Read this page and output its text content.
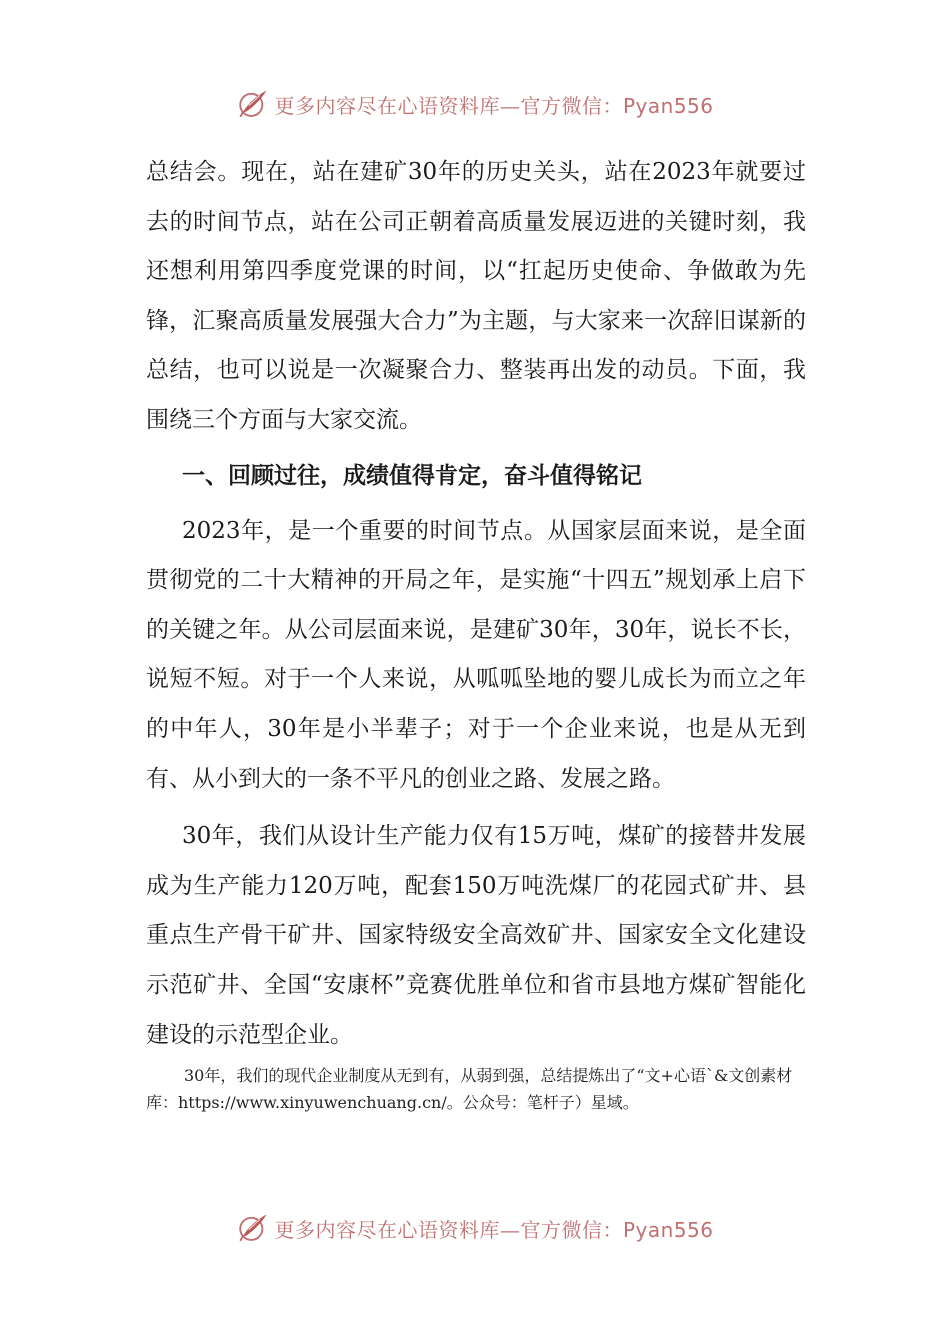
更多内容尽在心语资料库—官方微信：Pyan556

总结会。现在，站在建矿30年的历史关头，站在2023年就要过去的时间节点，站在公司正朝着高质量发展迈进的关键时刻，我还想利用第四季度党课的时间，以“扛起历史使命、争做敢为先锋，汇聚高质量发展强大合力”为主题，与大家来一次辞旧谋新的总结，也可以说是一次凝聚合力、整装再出发的动员。下面，我围绕三个方面与大家交流。

一、回顾过往，成绩值得肯定，奋斗值得铭记

2023年，是一个重要的时间节点。从国家层面来说，是全面贯彻党的二十大精神的开局之年，是实施“十四五”规划承上启下的关键之年。从公司层面来说，是建矿30年，30年，说长不长，说短不短。对于一个人来说，从呱呱坠地的婴儿成长为而立之年的中年人，30年是小半辈子；对于一个企业来说，也是从无到有、从小到大的一条不平凡的创业之路、发展之路。

30年，我们从设计生产能力仅有15万吨，煤矿的接替井发展成为生产能力120万吨，配套150万吨洗煤厂的花园式矿井、县重点生产骨干矿井、国家特级安全高效矿井、国家安全文化建设示范矿井、全国“安康杯”竞赛优胜单位和省市县地方煤矿智能化建设的示范型企业。

30年，我们的现代企业制度从无到有，从弱到强，总结提炼出了“文+心语`&文创素材库：https://www.xinyuwenchuang.cn/。公众号：笔杆子）星域。

更多内容尽在心语资料库—官方微信：Pyan556
